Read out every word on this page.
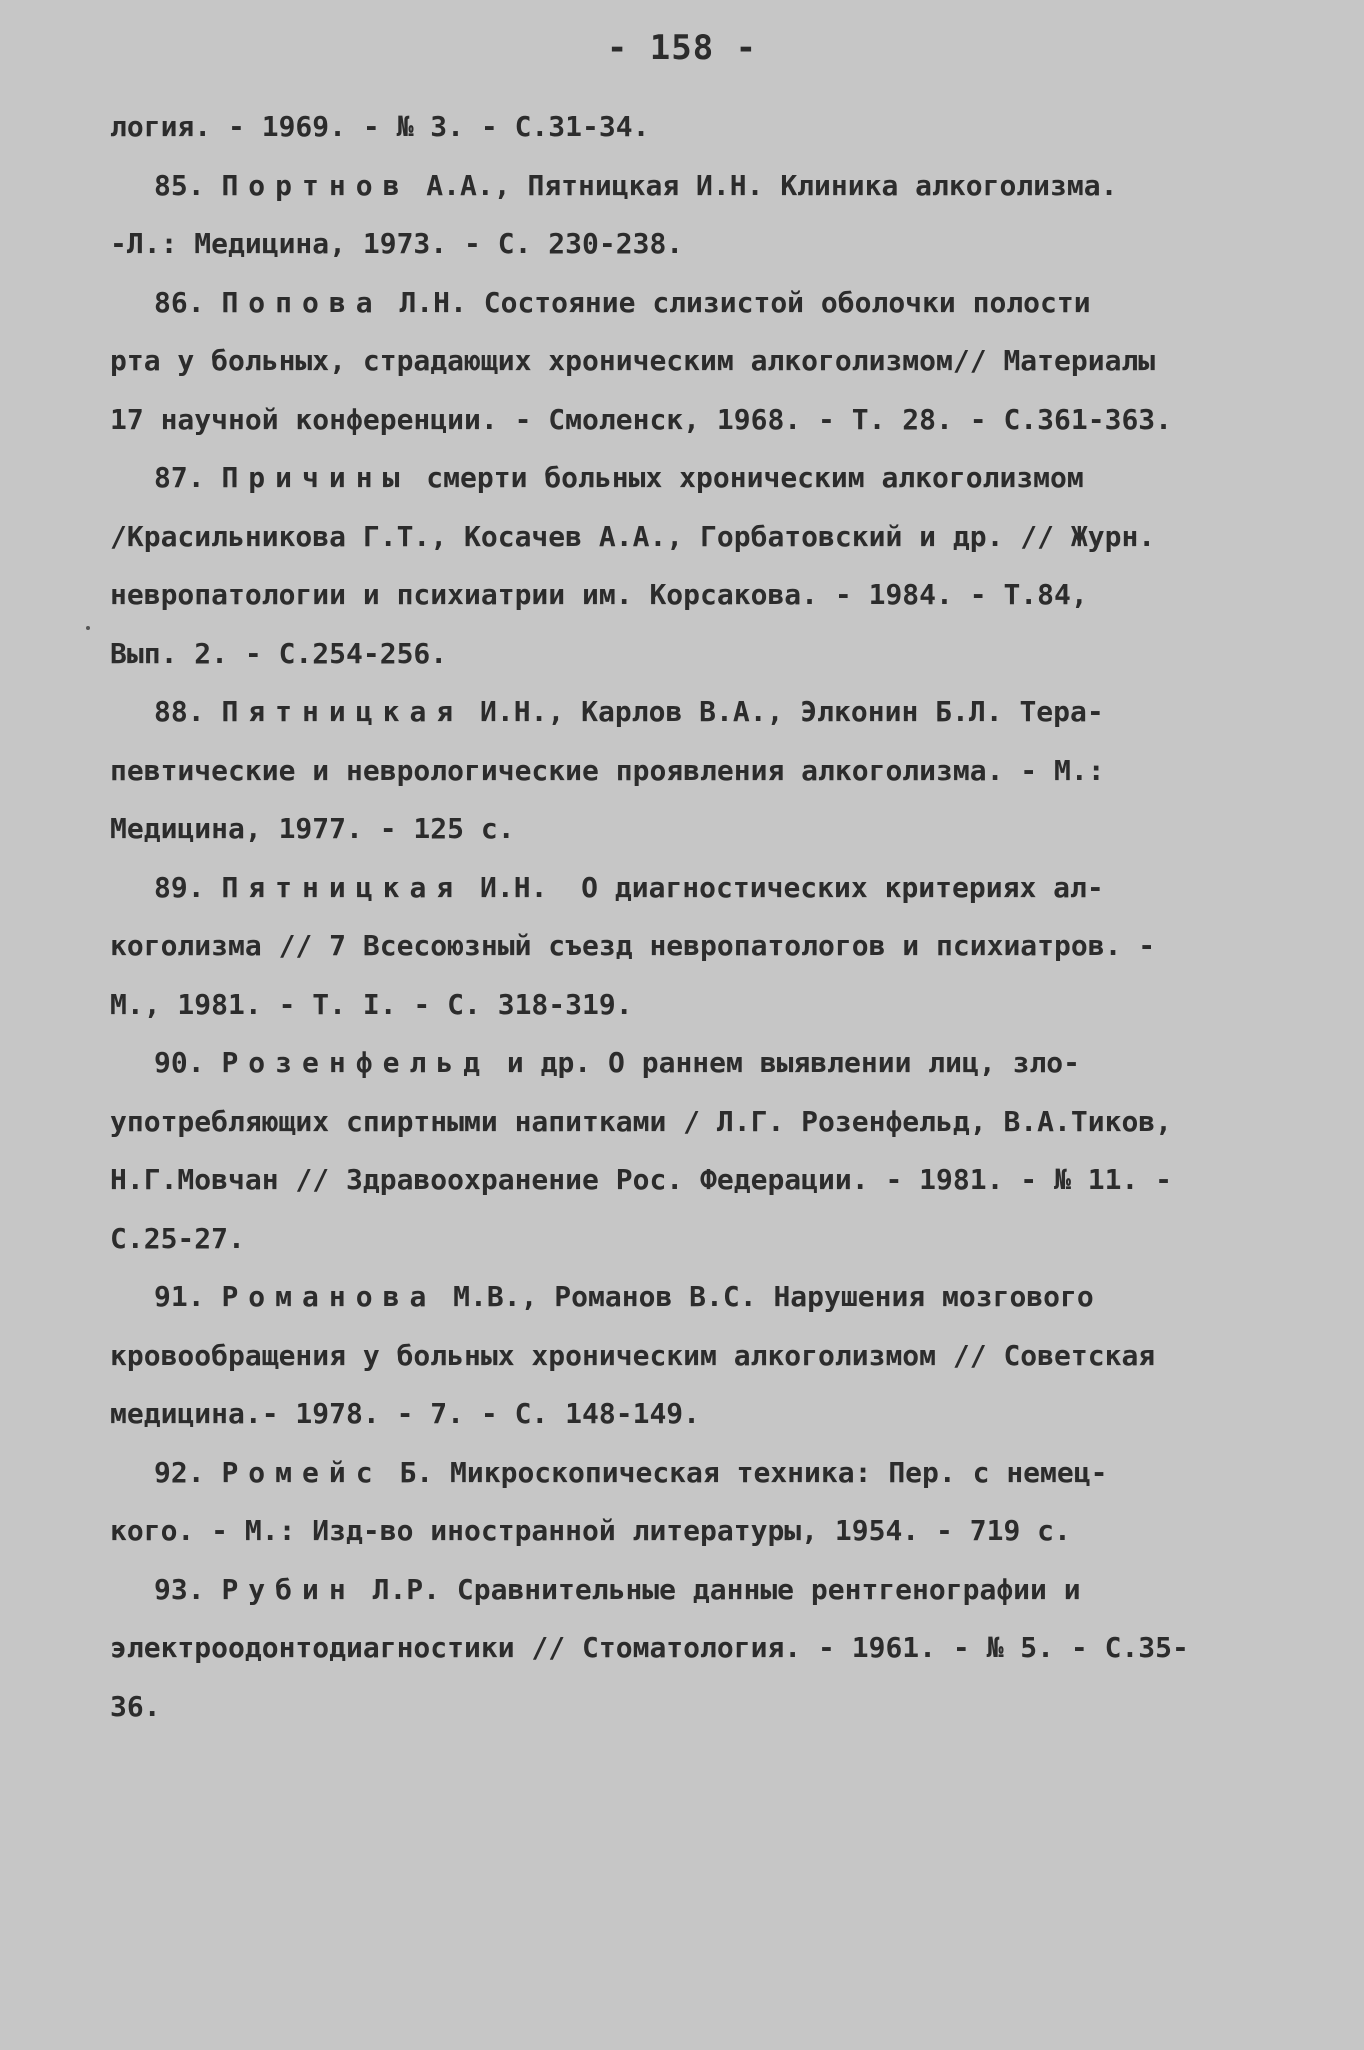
- 158 -

логия. - 1969. - № 3. - С.31-34.

85. Портнов А.А., Пятницкая И.Н. Клиника алкоголизма.

-Л.: Медицина, 1973. - С. 230-238.

86. Попова Л.Н. Состояние слизистой оболочки полости

рта у больных, страдающих хроническим алкоголизмом// Материалы

17 научной конференции. - Смоленск, 1968. - Т. 28. - С.361-363.

87. Причины смерти больных хроническим алкоголизмом

/Красильникова Г.Т., Косачев А.А., Горбатовский и др. // Журн.

невропатологии и психиатрии им. Корсакова. - 1984. - Т.84,

Вып. 2. - С.254-256.

88. Пятницкая И.Н., Карлов В.А., Элконин Б.Л. Тера-

певтические и неврологические проявления алкоголизма. - М.:

Медицина, 1977. - 125 с.

89. Пятницкая И.Н.  О диагностических критериях ал-

коголизма // 7 Всесоюзный съезд невропатологов и психиатров. -

М., 1981. - Т. I. - С. 318-319.

90. Розенфельд и др. О раннем выявлении лиц, зло-

употребляющих спиртными напитками / Л.Г. Розенфельд, В.А.Тиков,

Н.Г.Мовчан // Здравоохранение Рос. Федерации. - 1981. - № 11. -

С.25-27.

91. Романова М.В., Романов В.С. Нарушения мозгового

кровообращения у больных хроническим алкоголизмом // Советская

медицина.- 1978. - 7. - С. 148-149.

92. Ромейс Б. Микроскопическая техника: Пер. с немец-

кого. - М.: Изд-во иностранной литературы, 1954. - 719 с.

93. Рубин Л.Р. Сравнительные данные рентгенографии и

электроодонтодиагностики // Стоматология. - 1961. - № 5. - С.35-

36.
